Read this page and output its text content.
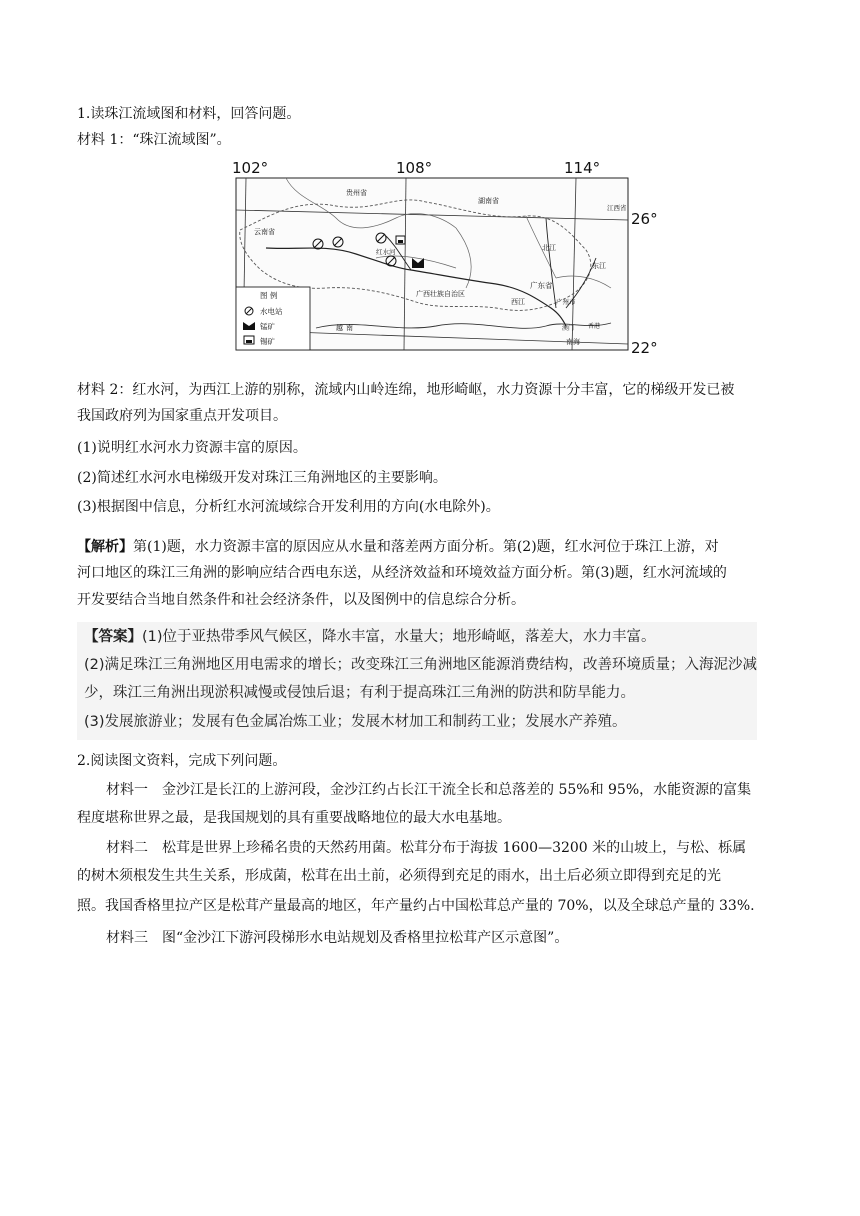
1.读珠江流域图和材料，回答问题。
材料 1：“珠江流域图”。
102°	108°	114°
26°
22°
贵州省
湖南省
江西省
云南省
广西壮族自治区
广东省
越 南
西江	广州市
北江
东江
澳门 香港
南海
红水河
图 例
水电站
锰矿
锡矿
材料 2：红水河，为西江上游的别称，流域内山岭连绵，地形崎岖，水力资源十分丰富，它的梯级开发已被
我国政府列为国家重点开发项目。
(1)说明红水河水力资源丰富的原因。
(2)简述红水河水电梯级开发对珠江三角洲地区的主要影响。
(3)根据图中信息，分析红水河流域综合开发利用的方向(水电除外)。
【解析】第(1)题，水力资源丰富的原因应从水量和落差两方面分析。第(2)题，红水河位于珠江上游，对
河口地区的珠江三角洲的影响应结合西电东送，从经济效益和环境效益方面分析。第(3)题，红水河流域的
开发要结合当地自然条件和社会经济条件，以及图例中的信息综合分析。
【答案】(1)位于亚热带季风气候区，降水丰富，水量大；地形崎岖，落差大，水力丰富。
(2)满足珠江三角洲地区用电需求的增长；改变珠江三角洲地区能源消费结构，改善环境质量；入海泥沙减
少，珠江三角洲出现淤积减慢或侵蚀后退；有利于提高珠江三角洲的防洪和防旱能力。
(3)发展旅游业；发展有色金属冶炼工业；发展木材加工和制药工业；发展水产养殖。
2.阅读图文资料，完成下列问题。
材料一　金沙江是长江的上游河段，金沙江约占长江干流全长和总落差的 55%和 95%，水能资源的富集
程度堪称世界之最，是我国规划的具有重要战略地位的最大水电基地。
材料二　松茸是世界上珍稀名贵的天然药用菌。松茸分布于海拔 1600—3200 米的山坡上，与松、栎属
的树木须根发生共生关系，形成菌，松茸在出土前，必须得到充足的雨水，出土后必须立即得到充足的光
照。我国香格里拉产区是松茸产量最高的地区，年产量约占中国松茸总产量的 70%，以及全球总产量的 33%.
材料三　图“金沙江下游河段梯形水电站规划及香格里拉松茸产区示意图”。
